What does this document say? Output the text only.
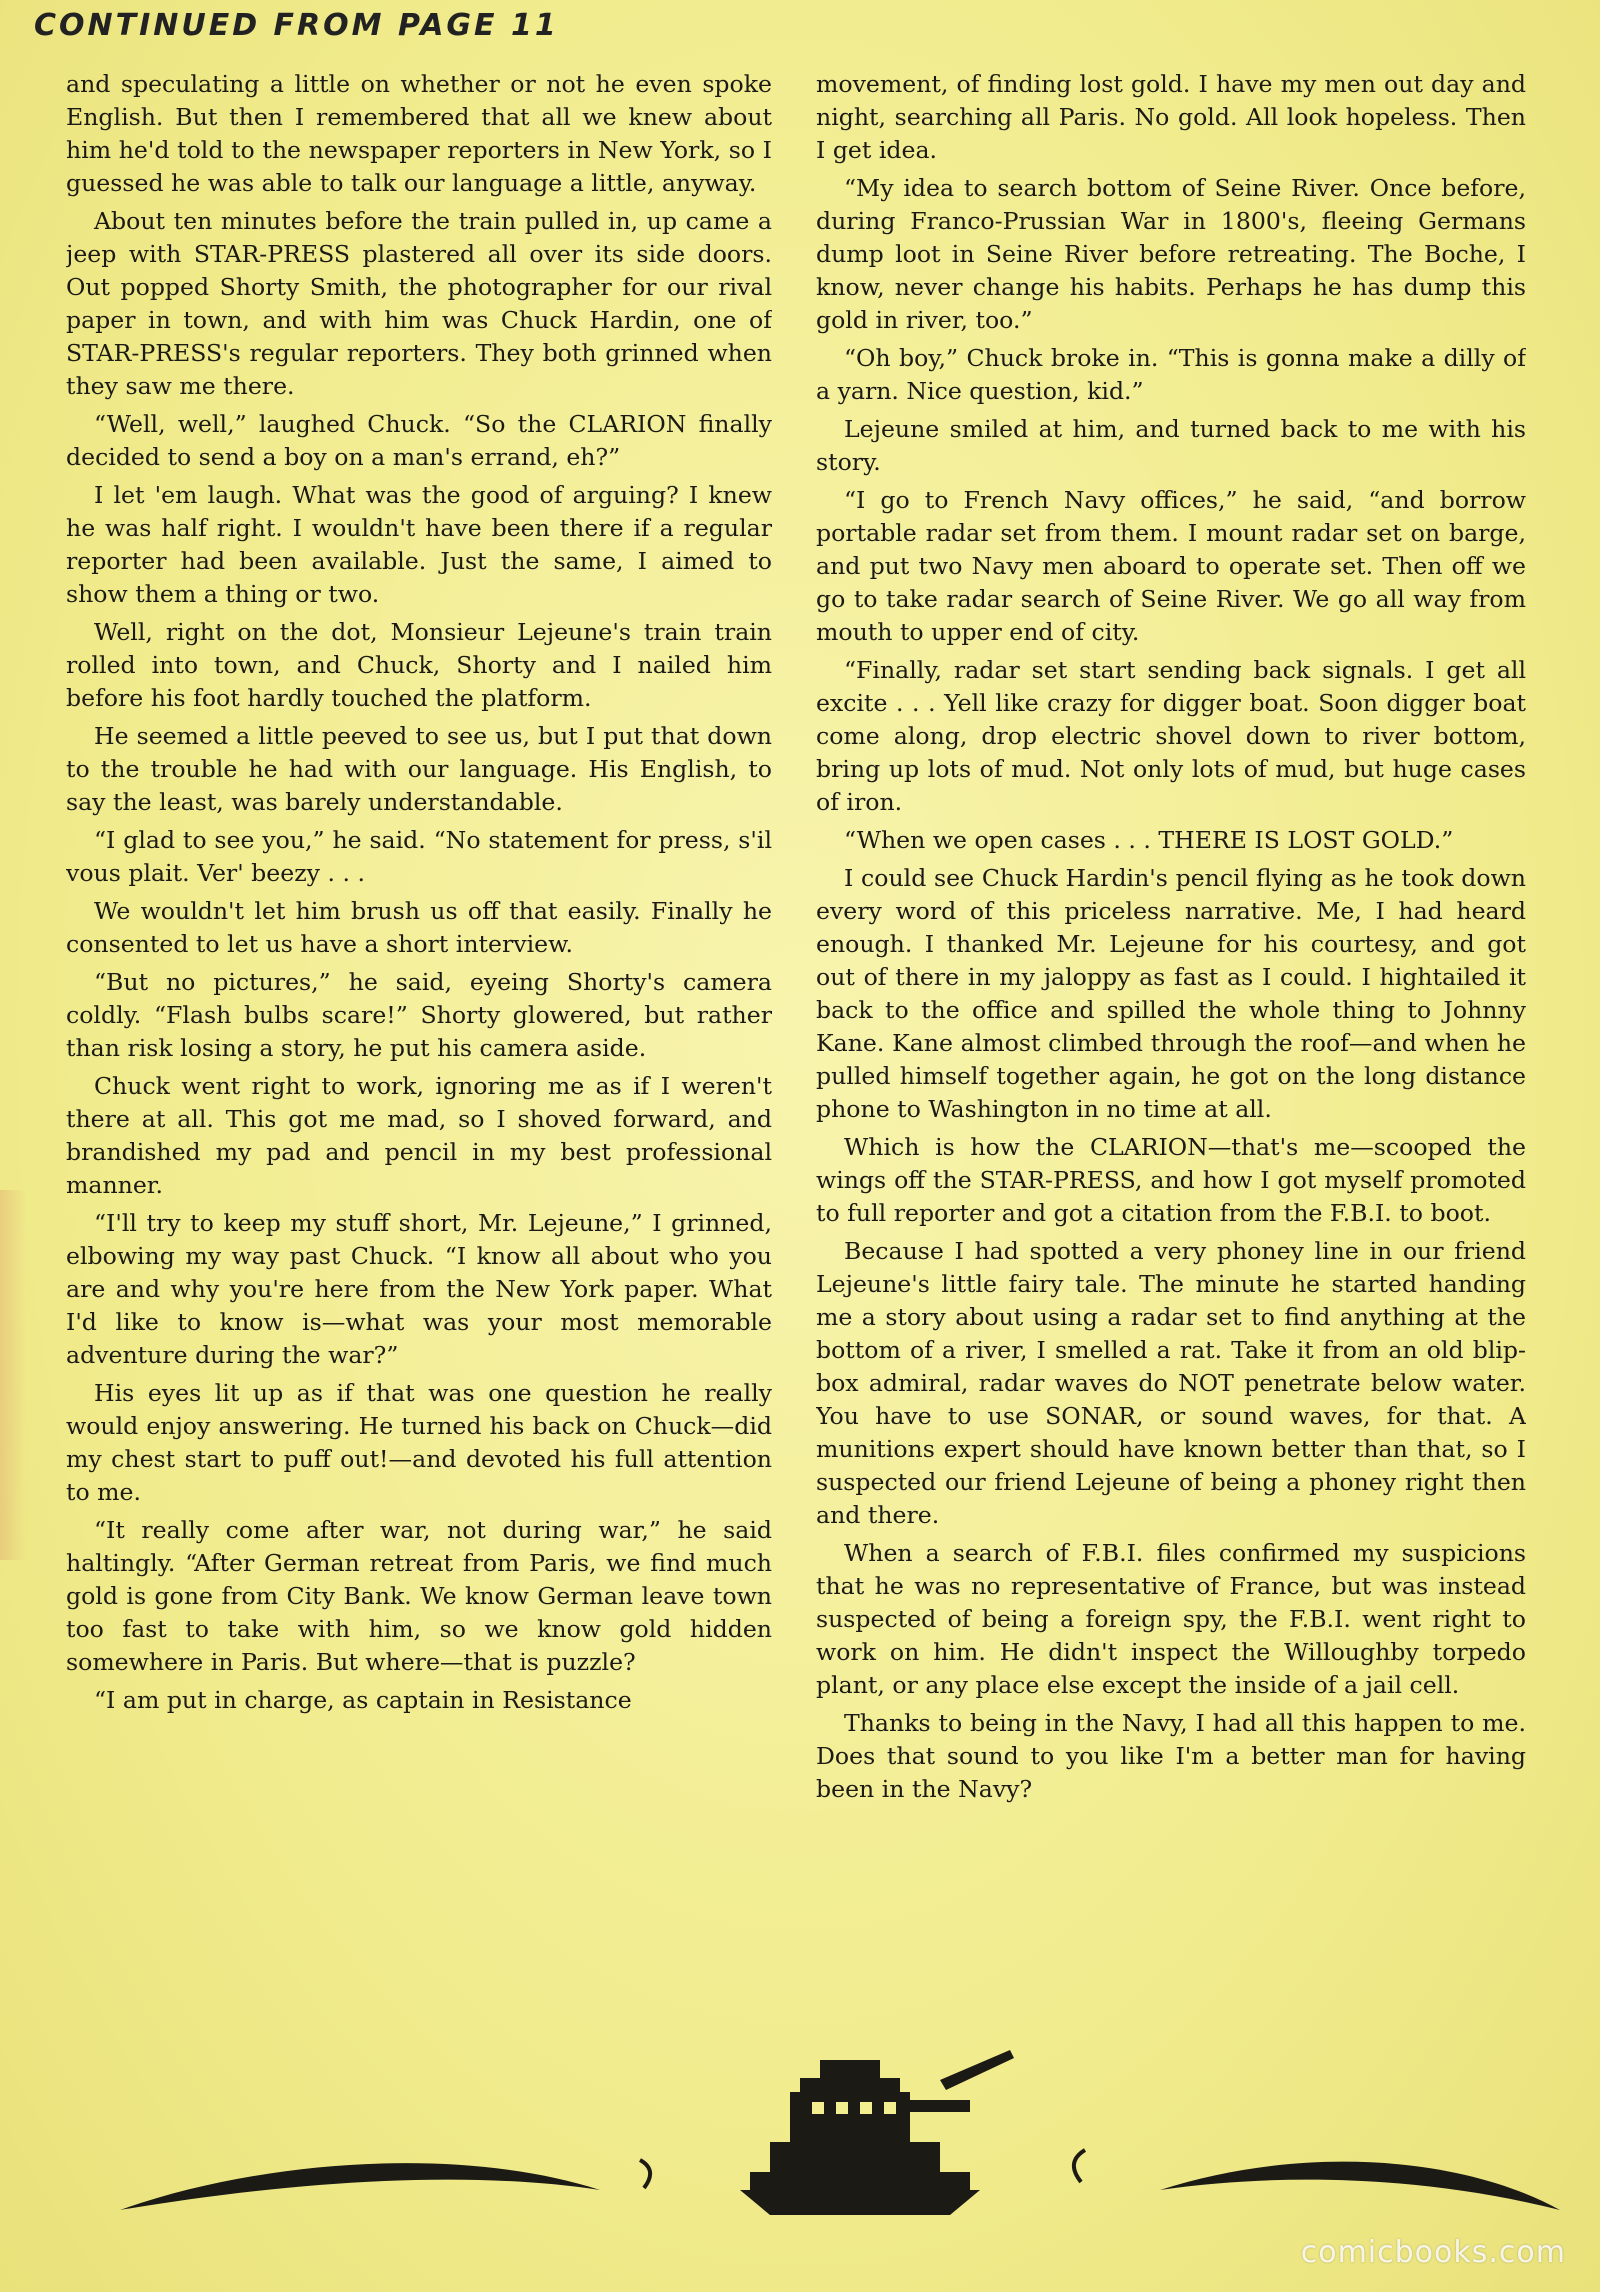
CONTINUED FROM PAGE 11

and speculating a little on whether or not he even spoke English. But then I remembered that all we knew about him he'd told to the newspaper reporters in New York, so I guessed he was able to talk our language a little, anyway.

About ten minutes before the train pulled in, up came a jeep with STAR-PRESS plastered all over its side doors. Out popped Shorty Smith, the photographer for our rival paper in town, and with him was Chuck Hardin, one of STAR-PRESS's regular reporters. They both grinned when they saw me there.

“Well, well,” laughed Chuck. “So the CLARION finally decided to send a boy on a man's errand, eh?”

I let 'em laugh. What was the good of arguing? I knew he was half right. I wouldn't have been there if a regular reporter had been available. Just the same, I aimed to show them a thing or two.

Well, right on the dot, Monsieur Lejeune's train train rolled into town, and Chuck, Shorty and I nailed him before his foot hardly touched the platform.

He seemed a little peeved to see us, but I put that down to the trouble he had with our language. His English, to say the least, was barely understandable.

“I glad to see you,” he said. “No statement for press, s'il vous plait. Ver' beezy . . .

We wouldn't let him brush us off that easily. Finally he consented to let us have a short interview.

“But no pictures,” he said, eyeing Shorty's camera coldly. “Flash bulbs scare!” Shorty glowered, but rather than risk losing a story, he put his camera aside.

Chuck went right to work, ignoring me as if I weren't there at all. This got me mad, so I shoved forward, and brandished my pad and pencil in my best professional manner.

“I'll try to keep my stuff short, Mr. Lejeune,” I grinned, elbowing my way past Chuck. “I know all about who you are and why you're here from the New York paper. What I'd like to know is—what was your most memorable adventure during the war?”

His eyes lit up as if that was one question he really would enjoy answering. He turned his back on Chuck—did my chest start to puff out!—and devoted his full attention to me.

“It really come after war, not during war,” he said haltingly. “After German retreat from Paris, we find much gold is gone from City Bank. We know German leave town too fast to take with him, so we know gold hidden somewhere in Paris. But where—that is puzzle?

“I am put in charge, as captain in Resistance

movement, of finding lost gold. I have my men out day and night, searching all Paris. No gold. All look hopeless. Then I get idea.

“My idea to search bottom of Seine River. Once before, during Franco-Prussian War in 1800's, fleeing Germans dump loot in Seine River before retreating. The Boche, I know, never change his habits. Perhaps he has dump this gold in river, too.”

“Oh boy,” Chuck broke in. “This is gonna make a dilly of a yarn. Nice question, kid.”

Lejeune smiled at him, and turned back to me with his story.

“I go to French Navy offices,” he said, “and borrow portable radar set from them. I mount radar set on barge, and put two Navy men aboard to operate set. Then off we go to take radar search of Seine River. We go all way from mouth to upper end of city.

“Finally, radar set start sending back signals. I get all excite . . . Yell like crazy for digger boat. Soon digger boat come along, drop electric shovel down to river bottom, bring up lots of mud. Not only lots of mud, but huge cases of iron.

“When we open cases . . . THERE IS LOST GOLD.”

I could see Chuck Hardin's pencil flying as he took down every word of this priceless narrative. Me, I had heard enough. I thanked Mr. Lejeune for his courtesy, and got out of there in my jaloppy as fast as I could. I hightailed it back to the office and spilled the whole thing to Johnny Kane. Kane almost climbed through the roof—and when he pulled himself together again, he got on the long distance phone to Washington in no time at all.

Which is how the CLARION—that's me—scooped the wings off the STAR-PRESS, and how I got myself promoted to full reporter and got a citation from the F.B.I. to boot.

Because I had spotted a very phoney line in our friend Lejeune's little fairy tale. The minute he started handing me a story about using a radar set to find anything at the bottom of a river, I smelled a rat. Take it from an old blip-box admiral, radar waves do NOT penetrate below water. You have to use SONAR, or sound waves, for that. A munitions expert should have known better than that, so I suspected our friend Lejeune of being a phoney right then and there.

When a search of F.B.I. files confirmed my suspicions that he was no representative of France, but was instead suspected of being a foreign spy, the F.B.I. went right to work on him. He didn't inspect the Willoughby torpedo plant, or any place else except the inside of a jail cell.

Thanks to being in the Navy, I had all this happen to me. Does that sound to you like I'm a better man for having been in the Navy?

comicbooks.com
